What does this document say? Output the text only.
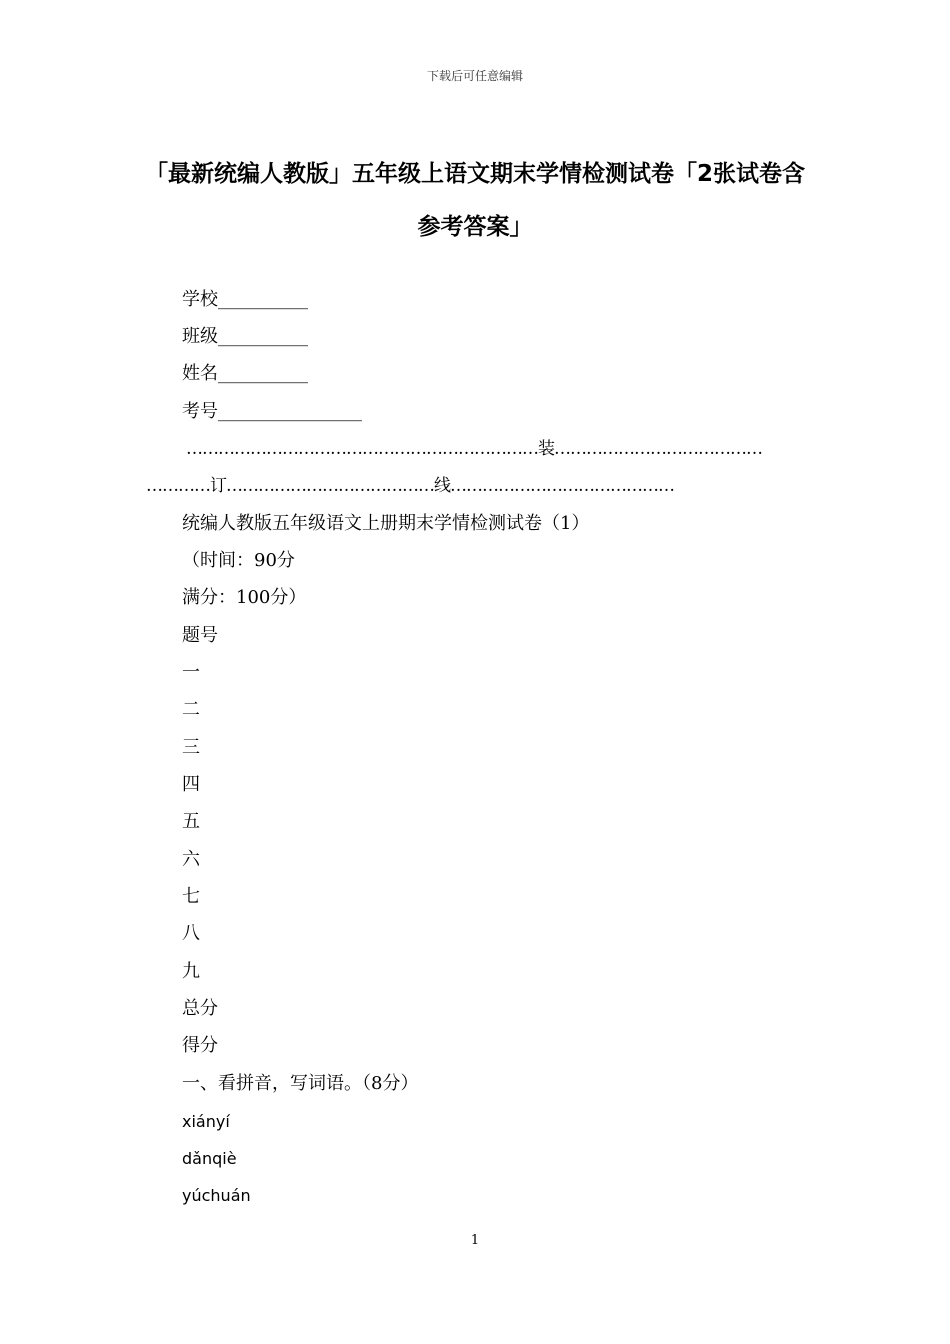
下载后可任意编辑
「最新统编人教版」五年级上语文期末学情检测试卷「2张试卷含参考答案」
学校__________
班级__________
姓名__________
考号________________
…………………………………………………………装…………………………………
…………订…………………………………线……………………………………
统编人教版五年级语文上册期末学情检测试卷（1）
（时间：90分
满分：100分）
题号
一
二
三
四
五
六
七
八
九
总分
得分
一、看拼音，写词语。（8分）
xiányí
dǎnqiè
yúchuán
1
